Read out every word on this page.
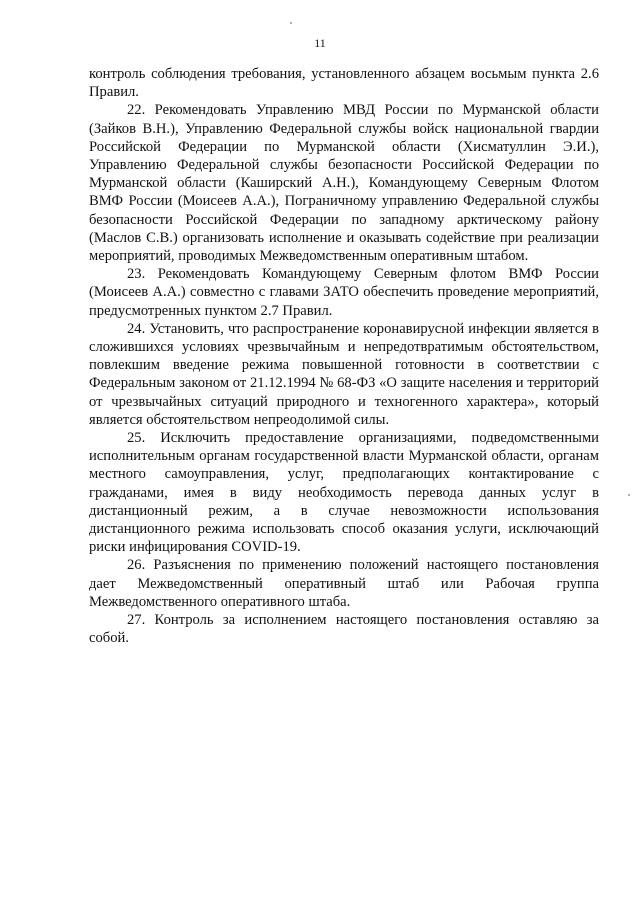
11

контроль соблюдения требования, установленного абзацем восьмым пункта 2.6 Правил.

22. Рекомендовать Управлению МВД России по Мурманской области (Зайков В.Н.), Управлению Федеральной службы войск национальной гвардии Российской Федерации по Мурманской области (Хисматуллин Э.И.), Управлению Федеральной службы безопасности Российской Федерации по Мурманской области (Каширский А.Н.), Командующему Северным Флотом ВМФ России (Моисеев А.А.), Пограничному управлению Федеральной службы безопасности Российской Федерации по западному арктическому району (Маслов С.В.) организовать исполнение и оказывать содействие при реализации мероприятий, проводимых Межведомственным оперативным штабом.

23. Рекомендовать Командующему Северным флотом ВМФ России (Моисеев А.А.) совместно с главами ЗАТО обеспечить проведение мероприятий, предусмотренных пунктом 2.7 Правил.

24. Установить, что распространение коронавирусной инфекции является в сложившихся условиях чрезвычайным и непредотвратимым обстоятельством, повлекшим введение режима повышенной готовности в соответствии с Федеральным законом от 21.12.1994 № 68-ФЗ «О защите населения и территорий от чрезвычайных ситуаций природного и техногенного характера», который является обстоятельством непреодолимой силы.

25. Исключить предоставление организациями, подведомственными исполнительным органам государственной власти Мурманской области, органам местного самоуправления, услуг, предполагающих контактирование с гражданами, имея в виду необходимость перевода данных услуг в дистанционный режим, а в случае невозможности использования дистанционного режима использовать способ оказания услуги, исключающий риски инфицирования COVID-19.

26. Разъяснения по применению положений настоящего постановления дает Межведомственный оперативный штаб или Рабочая группа Межведомственного оперативного штаба.

27. Контроль за исполнением настоящего постановления оставляю за собой.
